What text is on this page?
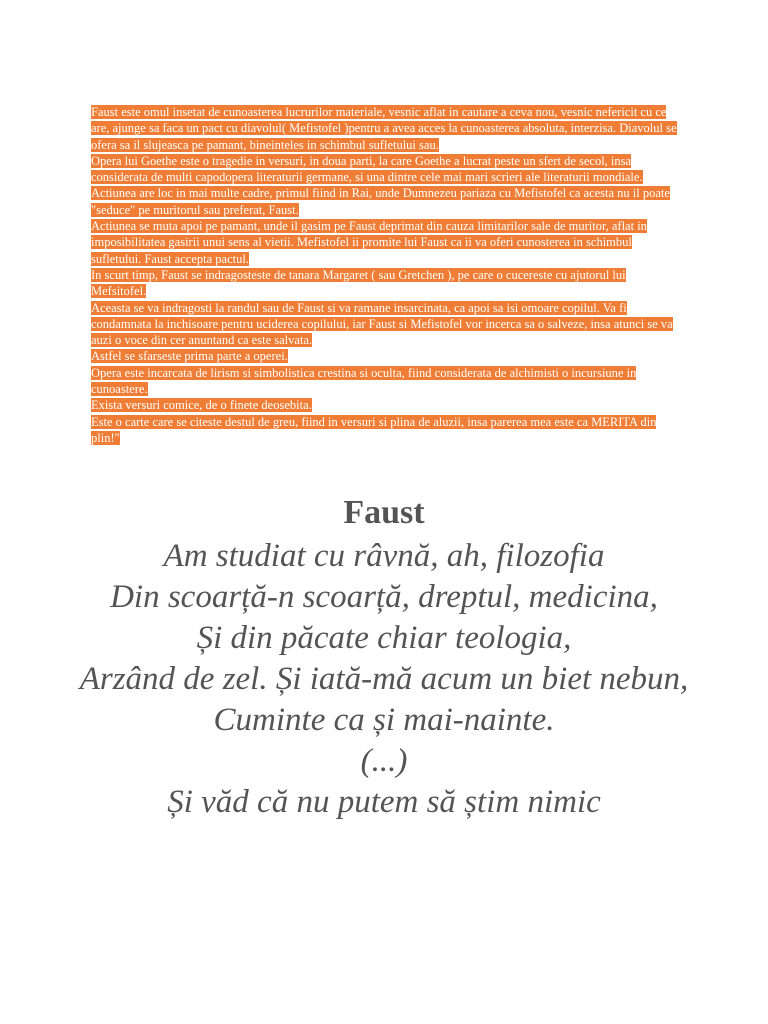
Faust este omul insetat de cunoasterea lucrurilor materiale, vesnic aflat in cautare a ceva nou, vesnic nefericit cu ce are, ajunge sa faca un pact cu diavolul( Mefistofel )pentru a avea acces la cunoasterea absoluta, interzisa. Diavolul se ofera sa il slujeasca pe pamant, bineinteles in schimbul sufletului sau.

Opera lui Goethe este o tragedie in versuri, in doua parti, la care Goethe a lucrat peste un sfert de secol, insa considerata de multi capodopera literaturii germane, si una dintre cele mai mari scrieri ale literaturii mondiale.

Actiunea are loc in mai multe cadre, primul fiind in Rai, unde Dumnezeu pariaza cu Mefistofel ca acesta nu il poate "seduce" pe muritorul sau preferat, Faust.

Actiunea se muta apoi pe pamant, unde il gasim pe Faust deprimat din cauza limitarilor sale de muritor, aflat in imposibilitatea gasirii unui sens al vietii. Mefistofel ii promite lui Faust ca ii va oferi cunosterea in schimbul sufletului. Faust accepta pactul.

In scurt timp, Faust se indragosteste de tanara Margaret ( sau Gretchen ), pe care o cucereste cu ajutorul lui Mefsitofel.

Aceasta se va indragosti la randul sau de Faust si va ramane insarcinata, ca apoi sa isi omoare copilul. Va fi condamnata la inchisoare pentru uciderea copilului, iar Faust si Mefistofel vor incerca sa o salveze, insa atunci se va auzi o voce din cer anuntand ca este salvata.

Astfel se sfarseste prima parte a operei.

Opera este incarcata de lirism si simbolistica crestina si oculta, fiind considerata de alchimisti o incursiune in cunoastere.

Exista versuri comice, de o finete deosebita.

Este o carte care se citeste destul de greu, fiind in versuri si plina de aluzii, insa parerea mea este ca MERITA din plin!"

Faust

Am studiat cu râvnă, ah, filozofia

Din scoarță-n scoarță, dreptul, medicina,

Și din păcate chiar teologia,

Arzând de zel. Și iată-mă acum un biet nebun,

Cuminte ca și mai-nainte.

(...)

Și văd că nu putem să știm nimic
